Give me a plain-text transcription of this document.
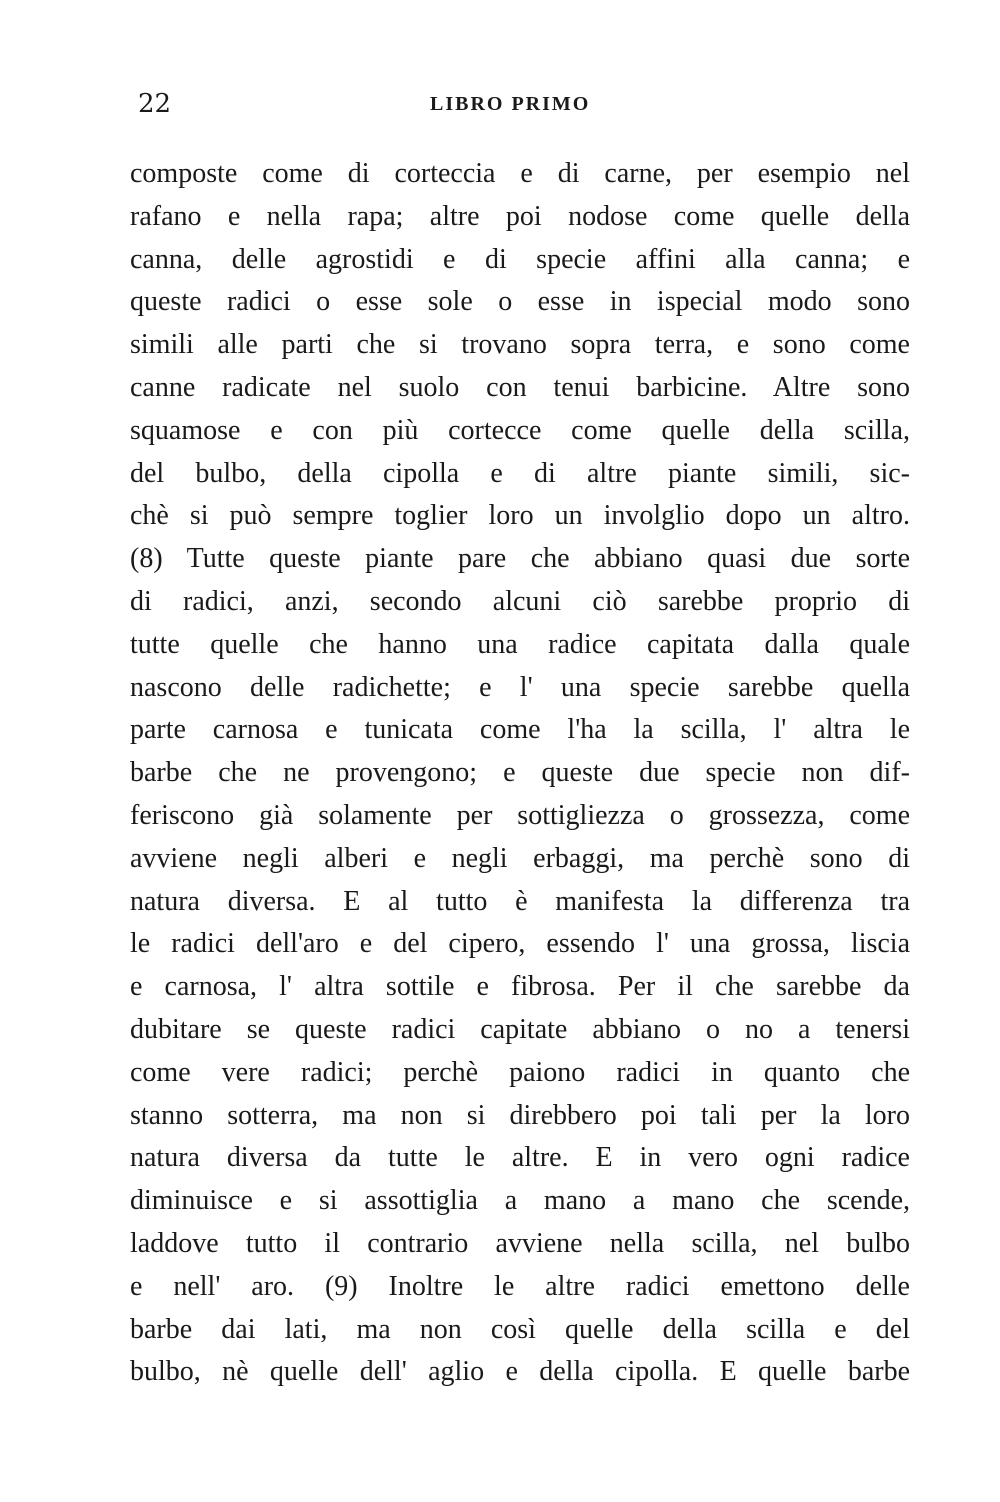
22	LIBRO PRIMO
composte come di corteccia e di carne, per esempio nel
rafano e nella rapa; altre poi nodose come quelle della
canna, delle agrostidi e di specie affini alla canna; e
queste radici o esse sole o esse in ispecial modo sono
simili alle parti che si trovano sopra terra, e sono come
canne radicate nel suolo con tenui barbicine. Altre sono
squamose e con più cortecce come quelle della scilla,
del bulbo, della cipolla e di altre piante simili, sic-
chè si può sempre toglier loro un involglio dopo un altro.
(8) Tutte queste piante pare che abbiano quasi due sorte
di radici, anzi, secondo alcuni ciò sarebbe proprio di
tutte quelle che hanno una radice capitata dalla quale
nascono delle radichette; e l' una specie sarebbe quella
parte carnosa e tunicata come l'ha la scilla, l' altra le
barbe che ne provengono; e queste due specie non dif-
feriscono già solamente per sottigliezza o grossezza, come
avviene negli alberi e negli erbaggi, ma perchè sono di
natura diversa. E al tutto è manifesta la differenza tra
le radici dell'aro e del cipero, essendo l' una grossa, liscia
e carnosa, l' altra sottile e fibrosa. Per il che sarebbe da
dubitare se queste radici capitate abbiano o no a tenersi
come vere radici; perchè paiono radici in quanto che
stanno sotterra, ma non si direbbero poi tali per la loro
natura diversa da tutte le altre. E in vero ogni radice
diminuisce e si assottiglia a mano a mano che scende,
laddove tutto il contrario avviene nella scilla, nel bulbo
e nell' aro. (9) Inoltre le altre radici emettono delle
barbe dai lati, ma non così quelle della scilla e del
bulbo, nè quelle dell' aglio e della cipolla. E quelle barbe
